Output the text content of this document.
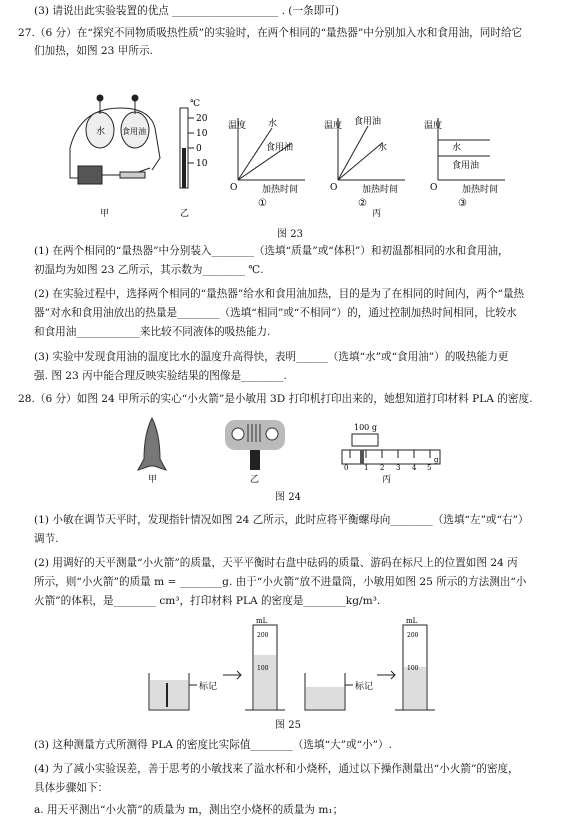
(3) 请说出此实验装置的优点 ____________________ . (一条即可)
27.（6 分）在“探究不同物质吸热性质”的实验时，在两个相同的“量热器”中分别加入水和食用油，同时给它
们加热，如图 23 甲所示.
水 食用油
℃
20
10
0
10
温度 水
食用油
O	加热时间
①
温度 食用油
水
O	加热时间
②
温度
水
食用油
O	加热时间
③
甲	乙	丙
图 23
(1) 在两个相同的“量热器”中分别装入________（选填“质量”或“体积”）和初温都相同的水和食用油，
初温均为如图 23 乙所示，其示数为________ ℃.
(2) 在实验过程中，选择两个相同的“量热器”给水和食用油加热，目的是为了在相同的时间内，两个“量热
器”对水和食用油放出的热量是________（选填“相同”或“不相同”）的，通过控制加热时间相同，比较水
和食用油____________来比较不同液体的吸热能力.
(3) 实验中发现食用油的温度比水的温度升高得快，表明______（选填“水”或“食用油”）的吸热能力更
强. 图 23 丙中能合理反映实验结果的图像是________.
28.（6 分）如图 24 甲所示的实心“小火箭”是小敏用 3D 打印机打印出来的，她想知道打印材料 PLA 的密度.
100 g
0 1 2 3 4 5
g
甲	乙	丙
图 24
(1) 小敏在调节天平时，发现指针情况如图 24 乙所示，此时应将平衡螺母向________（选填“左”或“右”）
调节.
(2) 用调好的天平测量“小火箭”的质量，天平平衡时右盘中砝码的质量、游码在标尺上的位置如图 24 丙
所示，则“小火箭”的质量 m = ________g. 由于“小火箭”放不进量筒，小敏用如图 25 所示的方法测出“小
火箭”的体积，是________ cm³，打印材料 PLA 的密度是________kg/m³.
标记
mL
200
100
标记
mL
200
100
图 25
(3) 这种测量方式所测得 PLA 的密度比实际值________（选填“大”或“小”）.
(4) 为了减小实验误差，善于思考的小敏找来了溢水杯和小烧杯，通过以下操作测量出“小火箭”的密度，
具体步骤如下：
a. 用天平测出“小火箭”的质量为 m，测出空小烧杯的质量为 m₁；
